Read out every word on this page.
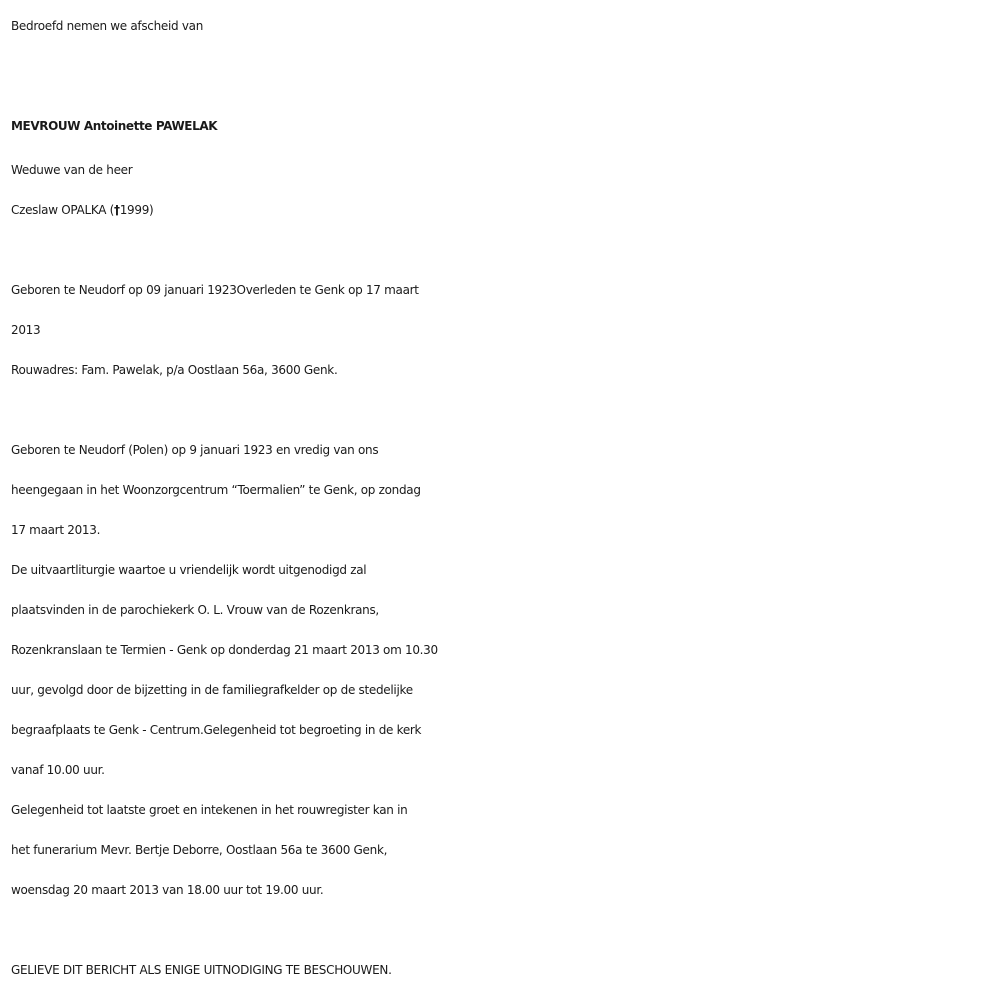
Bedroefd nemen we afscheid van
MEVROUW Antoinette PAWELAK
Weduwe van de heer
Czeslaw OPALKA (†1999)
Geboren te Neudorf op 09 januari 1923Overleden te Genk op 17 maart
2013
Rouwadres: Fam. Pawelak, p/a Oostlaan 56a, 3600 Genk.
Geboren te Neudorf (Polen) op 9 januari 1923 en vredig van ons
heengegaan in het Woonzorgcentrum “Toermalien” te Genk, op zondag
17 maart 2013.
De uitvaartliturgie waartoe u vriendelijk wordt uitgenodigd zal
plaatsvinden in de parochiekerk O. L. Vrouw van de Rozenkrans,
Rozenkranslaan te Termien - Genk op donderdag 21 maart 2013 om 10.30
uur, gevolgd door de bijzetting in de familiegrafkelder op de stedelijke
begraafplaats te Genk - Centrum.Gelegenheid tot begroeting in de kerk
vanaf 10.00 uur.
Gelegenheid tot laatste groet en intekenen in het rouwregister kan in
het funerarium Mevr. Bertje Deborre, Oostlaan 56a te 3600 Genk,
woensdag 20 maart 2013 van 18.00 uur tot 19.00 uur.
GELIEVE DIT BERICHT ALS ENIGE UITNODIGING TE BESCHOUWEN.
